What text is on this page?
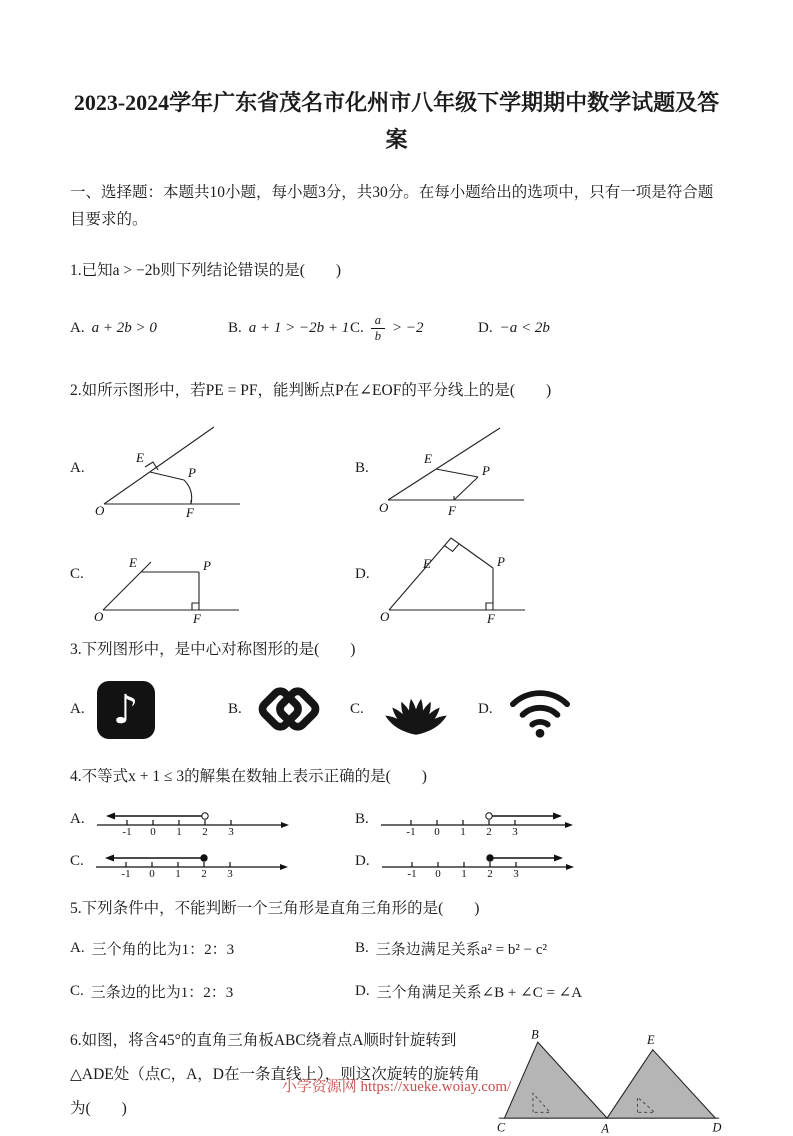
2023-2024学年广东省茂名市化州市八年级下学期期中数学试题及答案

一、选择题：本题共10小题，每小题3分，共30分。在每小题给出的选项中，只有一项是符合题目要求的。

1.已知a > −2b则下列结论错误的是(        )

A. a + 2b > 0	B. a + 1 > −2b + 1 C. $\frac{a}{b} > -2$	D. −a < 2b

2.如所示图形中，若PE = PF，能判断点P在∠EOF的平分线上的是(        )

A.
O
E
P
F
B.
O
E
P
F
C.
O
E	P
F
D.
O
E	P
F

3.下列图形中，是中心对称图形的是(        )

A. ♪	B.	C.	D.

4.不等式x + 1 ≤ 3的解集在数轴上表示正确的是(        )

A.
-1 0 1 2 3
B.
-1 0 1 2 3
C.
-1 0 1 2 3
D.
-1 0 1 2 3

5.下列条件中，不能判断一个三角形是直角三角形的是(        )

A. 三个角的比为1：2：3	B. 三条边满足关系a² = b² − c²
C. 三条边的比为1：2：3	D. 三个角满足关系∠B + ∠C = ∠A

6.如图，将含45°的直角三角板ABC绕着点A顺时针旋转到△ADE处（点C，A，D在一条直线上），则这次旋转的旋转角为(        )

B	E
C	A	D
小学资源网 https://xueke.woiay.com/
